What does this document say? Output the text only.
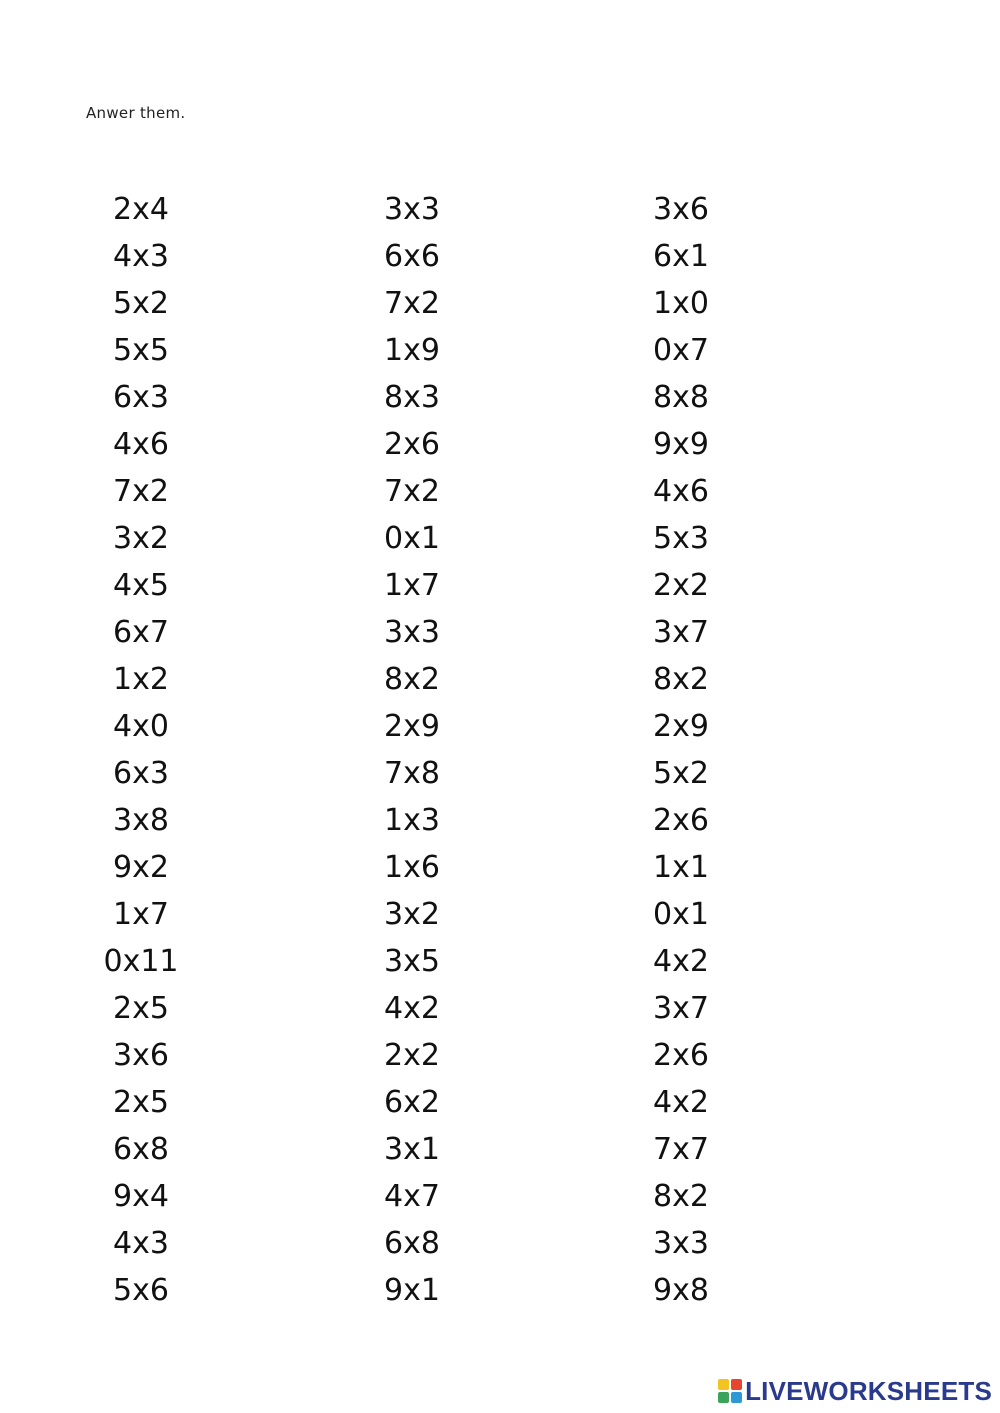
Anwer them.
2x4
4x3
5x2
5x5
6x3
4x6
7x2
3x2
4x5
6x7
1x2
4x0
6x3
3x8
9x2
1x7
0x11
2x5
3x6
2x5
6x8
9x4
4x3
5x6
3x3
6x6
7x2
1x9
8x3
2x6
7x2
0x1
1x7
3x3
8x2
2x9
7x8
1x3
1x6
3x2
3x5
4x2
2x2
6x2
3x1
4x7
6x8
9x1
3x6
6x1
1x0
0x7
8x8
9x9
4x6
5x3
2x2
3x7
8x2
2x9
5x2
2x6
1x1
0x1
4x2
3x7
2x6
4x2
7x7
8x2
3x3
9x8
LIVEWORKSHEETS
